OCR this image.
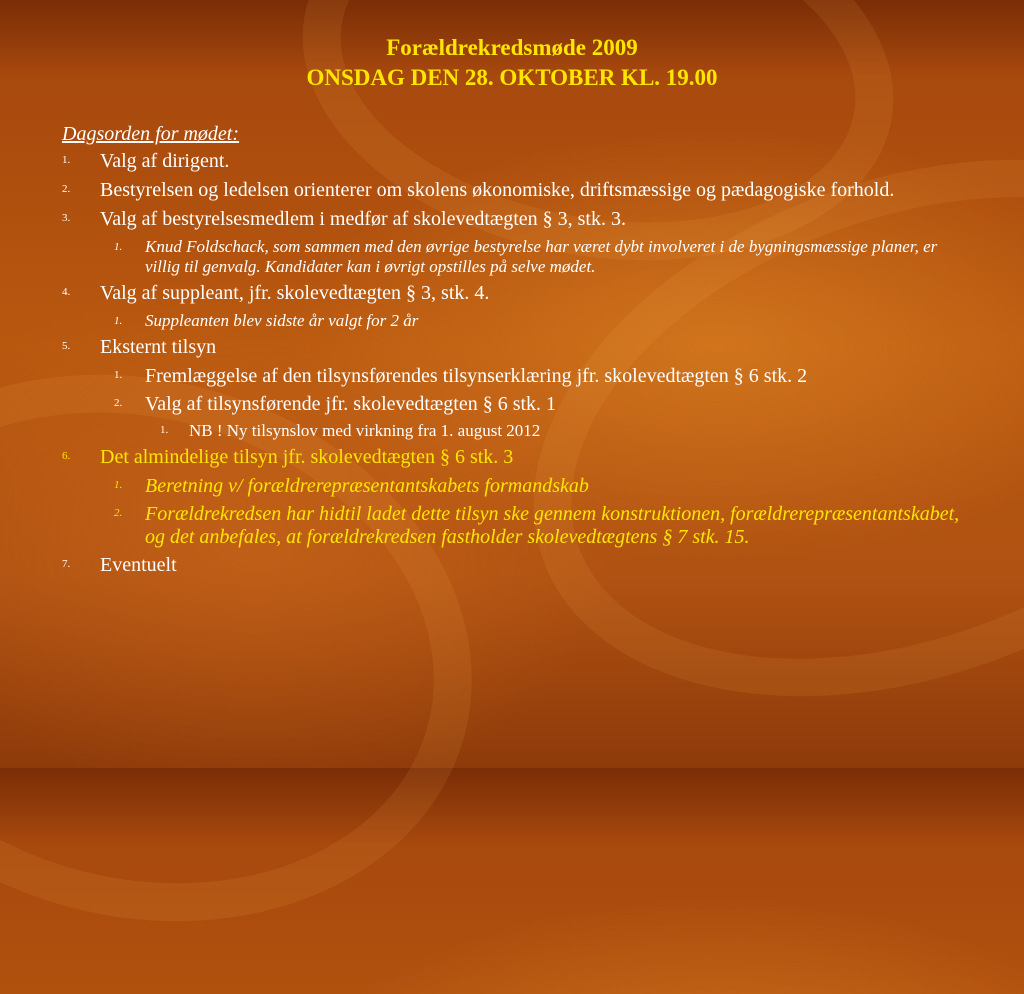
Forældrekredsmøde 2009
ONSDAG DEN 28. OKTOBER KL. 19.00
Dagsorden for mødet:
1. Valg af dirigent.
2. Bestyrelsen og ledelsen orienterer om skolens økonomiske, driftsmæssige og pædagogiske forhold.
3. Valg af bestyrelsesmedlem i medfør af skolevedtægten § 3, stk. 3.
1. Knud Foldschack, som sammen med den øvrige bestyrelse har været dybt involveret i de bygningsmæssige planer, er villig til genvalg. Kandidater kan i øvrigt opstilles på selve mødet.
4. Valg af suppleant, jfr. skolevedtægten § 3, stk. 4.
1. Suppleanten blev sidste år valgt for 2 år
5. Eksternt tilsyn
1. Fremlæggelse af den tilsynsførendes tilsynserklæring jfr. skolevedtægten § 6 stk. 2
2. Valg af tilsynsførende jfr. skolevedtægten § 6 stk. 1
1. NB ! Ny tilsynslov med virkning fra 1. august 2012
6. Det almindelige tilsyn jfr. skolevedtægten § 6 stk. 3
1. Beretning v/ forældrerepræsentantskabets formandskab
2. Forældrekredsen har hidtil ladet dette tilsyn ske gennem konstruktionen, forældrerepræsentantskabet, og det anbefales, at forældrekredsen fastholder skolevedtægtens § 7 stk. 15.
7. Eventuelt
